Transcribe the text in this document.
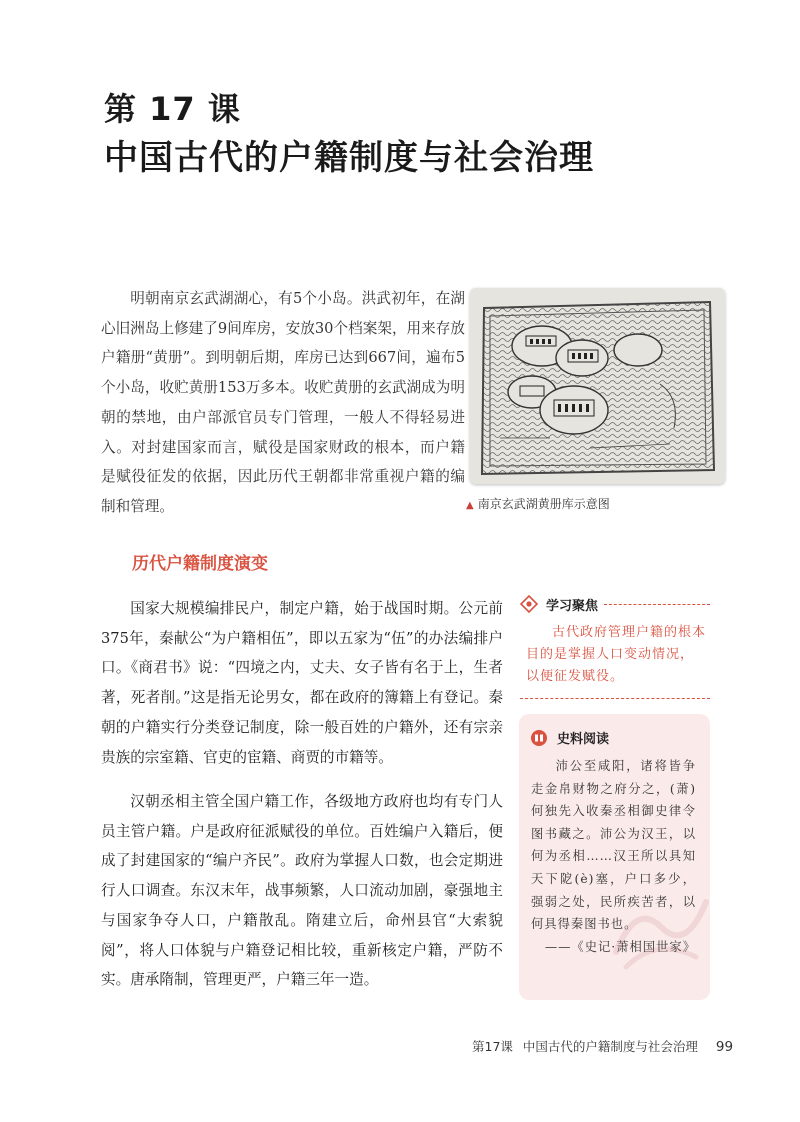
第 17 课
中国古代的户籍制度与社会治理

明朝南京玄武湖湖心，有5个小岛。洪武初年，在湖心旧洲岛上修建了9间库房，安放30个档案架，用来存放户籍册“黄册”。到明朝后期，库房已达到667间，遍布5个小岛，收贮黄册153万多本。收贮黄册的玄武湖成为明朝的禁地，由户部派官员专门管理，一般人不得轻易进入。对封建国家而言，赋役是国家财政的根本，而户籍是赋役征发的依据，因此历代王朝都非常重视户籍的编制和管理。	▲ 南京玄武湖黄册库示意图
历代户籍制度演变

国家大规模编排民户，制定户籍，始于战国时期。公元前375年，秦献公“为户籍相伍”，即以五家为“伍”的办法编排户口。《商君书》说：“四境之内，丈夫、女子皆有名于上，生者著，死者削。”这是指无论男女，都在政府的簿籍上有登记。秦朝的户籍实行分类登记制度，除一般百姓的户籍外，还有宗亲贵族的宗室籍、官吏的宦籍、商贾的市籍等。

汉朝丞相主管全国户籍工作，各级地方政府也均有专门人员主管户籍。户是政府征派赋役的单位。百姓编户入籍后，便成了封建国家的“编户齐民”。政府为掌握人口数，也会定期进行人口调查。东汉末年，战事频繁，人口流动加剧，豪强地主与国家争夺人口，户籍散乱。隋建立后，命州县官“大索貌阅”，将人口体貌与户籍登记相比较，重新核定户籍，严防不实。唐承隋制，管理更严，户籍三年一造。

学习聚焦

古代政府管理户籍的根本目的是掌握人口变动情况，以便征发赋役。

史料阅读

沛公至咸阳，诸将皆争走金帛财物之府分之，(萧)何独先入收秦丞相御史律令图书藏之。沛公为汉王，以何为丞相……汉王所以具知天下阸(è)塞，户口多少，强弱之处，民所疾苦者，以何具得秦图书也。

——《史记·萧相国世家》

第17课 中国古代的户籍制度与社会治理 99
